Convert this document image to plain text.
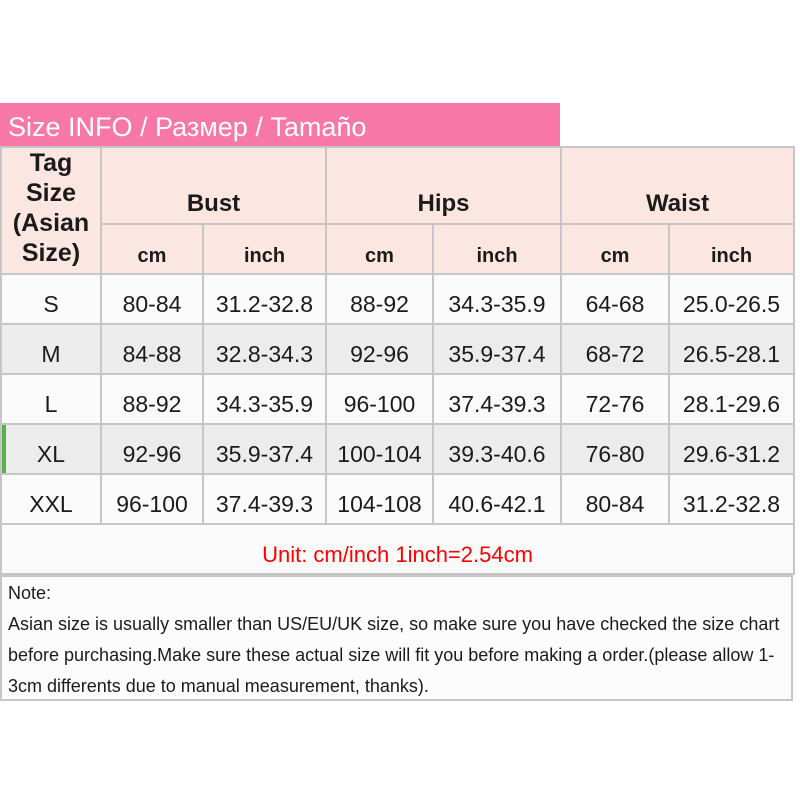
Size INFO / Размер / Tamaño
Tag Size (Asian Size)	Bust		Hips		Waist	
	cm	inch	cm	inch	cm	inch
S	80-84	31.2-32.8	88-92	34.3-35.9	64-68	25.0-26.5
M	84-88	32.8-34.3	92-96	35.9-37.4	68-72	26.5-28.1
L	88-92	34.3-35.9	96-100	37.4-39.3	72-76	28.1-29.6
XL	92-96	35.9-37.4	100-104	39.3-40.6	76-80	29.6-31.2
XXL	96-100	37.4-39.3	104-108	40.6-42.1	80-84	31.2-32.8
Unit: cm/inch 1inch=2.54cm						

Note:

Asian size is usually smaller than US/EU/UK size, so make sure you have checked the size chart before purchasing.Make sure these actual size will fit you before making a order.(please allow 1-3cm differents due to manual measurement, thanks).
